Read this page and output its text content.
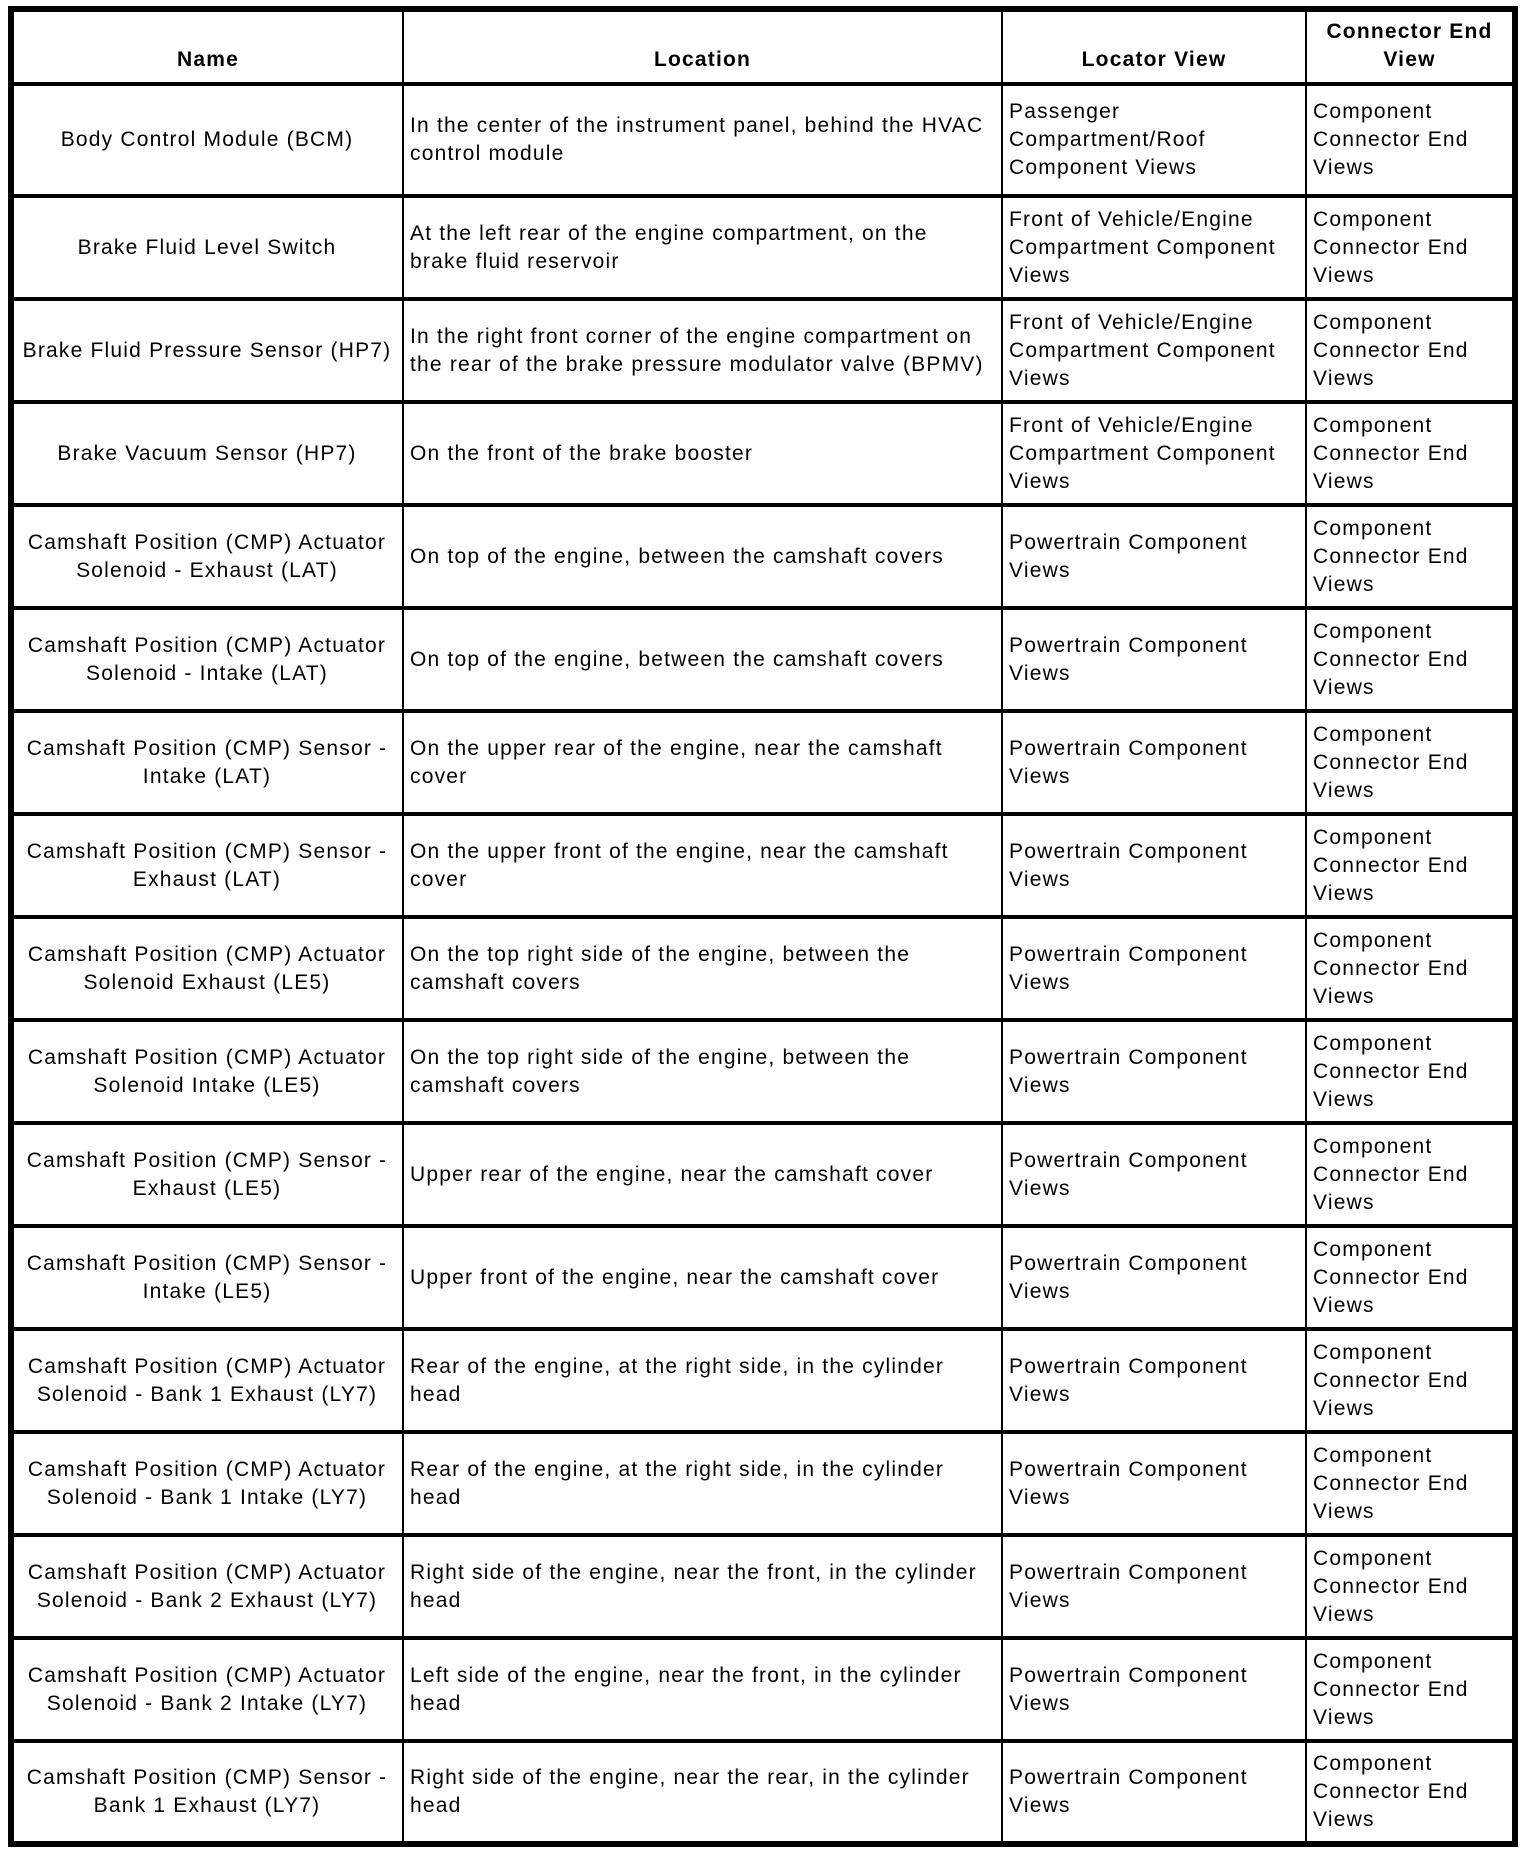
Name	Location	Locator View	Connector End View
Body Control Module (BCM)	In the center of the instrument panel, behind the HVAC control module	Passenger Compartment/Roof Component Views	Component Connector End Views
Brake Fluid Level Switch	At the left rear of the engine compartment, on the brake fluid reservoir	Front of Vehicle/Engine Compartment Component Views	Component Connector End Views
Brake Fluid Pressure Sensor (HP7)	In the right front corner of the engine compartment on the rear of the brake pressure modulator valve (BPMV)	Front of Vehicle/Engine Compartment Component Views	Component Connector End Views
Brake Vacuum Sensor (HP7)	On the front of the brake booster	Front of Vehicle/Engine Compartment Component Views	Component Connector End Views
Camshaft Position (CMP) Actuator Solenoid - Exhaust (LAT)	On top of the engine, between the camshaft covers	Powertrain Component Views	Component Connector End Views
Camshaft Position (CMP) Actuator Solenoid - Intake (LAT)	On top of the engine, between the camshaft covers	Powertrain Component Views	Component Connector End Views
Camshaft Position (CMP) Sensor - Intake (LAT)	On the upper rear of the engine, near the camshaft cover	Powertrain Component Views	Component Connector End Views
Camshaft Position (CMP) Sensor - Exhaust (LAT)	On the upper front of the engine, near the camshaft cover	Powertrain Component Views	Component Connector End Views
Camshaft Position (CMP) Actuator Solenoid Exhaust (LE5)	On the top right side of the engine, between the camshaft covers	Powertrain Component Views	Component Connector End Views
Camshaft Position (CMP) Actuator Solenoid Intake (LE5)	On the top right side of the engine, between the camshaft covers	Powertrain Component Views	Component Connector End Views
Camshaft Position (CMP) Sensor - Exhaust (LE5)	Upper rear of the engine, near the camshaft cover	Powertrain Component Views	Component Connector End Views
Camshaft Position (CMP) Sensor - Intake (LE5)	Upper front of the engine, near the camshaft cover	Powertrain Component Views	Component Connector End Views
Camshaft Position (CMP) Actuator Solenoid - Bank 1 Exhaust (LY7)	Rear of the engine, at the right side, in the cylinder head	Powertrain Component Views	Component Connector End Views
Camshaft Position (CMP) Actuator Solenoid - Bank 1 Intake (LY7)	Rear of the engine, at the right side, in the cylinder head	Powertrain Component Views	Component Connector End Views
Camshaft Position (CMP) Actuator Solenoid - Bank 2 Exhaust (LY7)	Right side of the engine, near the front, in the cylinder head	Powertrain Component Views	Component Connector End Views
Camshaft Position (CMP) Actuator Solenoid - Bank 2 Intake (LY7)	Left side of the engine, near the front, in the cylinder head	Powertrain Component Views	Component Connector End Views
Camshaft Position (CMP) Sensor - Bank 1 Exhaust (LY7)	Right side of the engine, near the rear, in the cylinder head	Powertrain Component Views	Component Connector End Views
